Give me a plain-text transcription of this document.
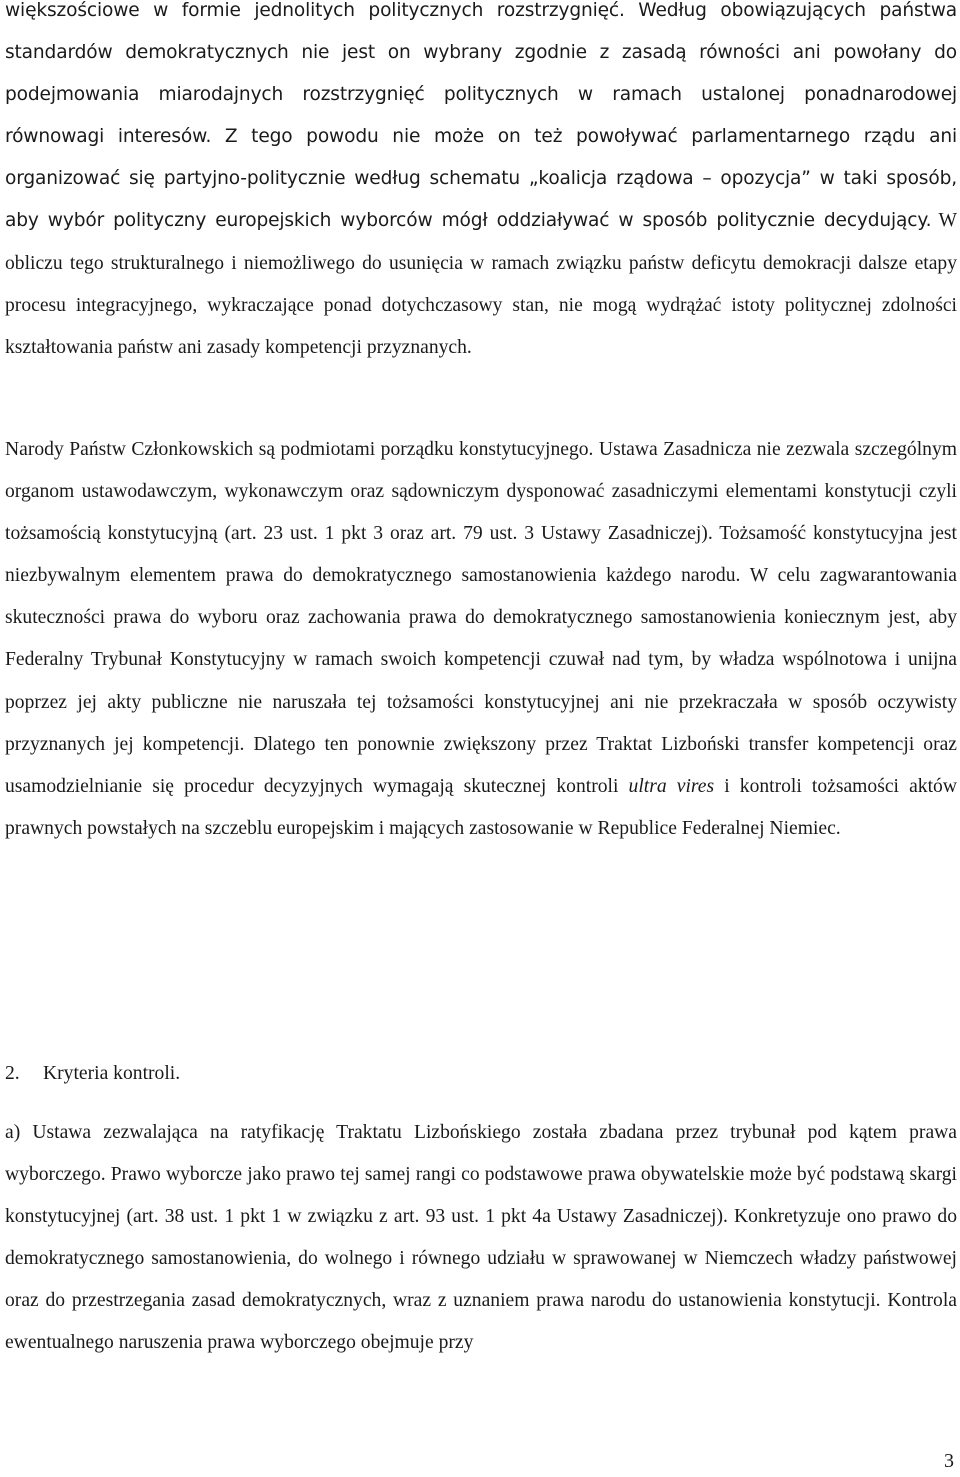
większościowe w formie jednolitych politycznych rozstrzygnięć. Według obowiązujących państwa standardów demokratycznych nie jest on wybrany zgodnie z zasadą równości ani powołany do podejmowania miarodajnych rozstrzygnięć politycznych w ramach ustalonej ponadnarodowej równowagi interesów. Z tego powodu nie może on też powoływać parlamentarnego rządu ani organizować się partyjno-politycznie według schematu „koalicja rządowa – opozycja” w taki sposób, aby wybór polityczny europejskich wyborców mógł oddziaływać w sposób politycznie decydujący. W obliczu tego strukturalnego i niemożliwego do usunięcia w ramach związku państw deficytu demokracji dalsze etapy procesu integracyjnego, wykraczające ponad dotychczasowy stan, nie mogą wydrążać istoty politycznej zdolności kształtowania państw ani zasady kompetencji przyznanych.

Narody Państw Członkowskich są podmiotami porządku konstytucyjnego. Ustawa Zasadnicza nie zezwala szczególnym organom ustawodawczym, wykonawczym oraz sądowniczym dysponować zasadniczymi elementami konstytucji czyli tożsamością konstytucyjną (art. 23 ust. 1 pkt 3 oraz art. 79 ust. 3 Ustawy Zasadniczej). Tożsamość konstytucyjna jest niezbywalnym elementem prawa do demokratycznego samostanowienia każdego narodu. W celu zagwarantowania skuteczności prawa do wyboru oraz zachowania prawa do demokratycznego samostanowienia koniecznym jest, aby Federalny Trybunał Konstytucyjny w ramach swoich kompetencji czuwał nad tym, by władza wspólnotowa i unijna poprzez jej akty publiczne nie naruszała tej tożsamości konstytucyjnej ani nie przekraczała w sposób oczywisty przyznanych jej kompetencji. Dlatego ten ponownie zwiększony przez Traktat Lizboński transfer kompetencji oraz usamodzielnianie się procedur decyzyjnych wymagają skutecznej kontroli ultra vires i kontroli tożsamości aktów prawnych powstałych na szczeblu europejskim i mających zastosowanie w Republice Federalnej Niemiec.

2. Kryteria kontroli.

a) Ustawa zezwalająca na ratyfikację Traktatu Lizbońskiego została zbadana przez trybunał pod kątem prawa wyborczego. Prawo wyborcze jako prawo tej samej rangi co podstawowe prawa obywatelskie może być podstawą skargi konstytucyjnej (art. 38 ust. 1 pkt 1 w związku z art. 93 ust. 1 pkt 4a Ustawy Zasadniczej). Konkretyzuje ono prawo do demokratycznego samostanowienia, do wolnego i równego udziału w sprawowanej w Niemczech władzy państwowej oraz do przestrzegania zasad demokratycznych, wraz z uznaniem prawa narodu do ustanowienia konstytucji. Kontrola ewentualnego naruszenia prawa wyborczego obejmuje przy

3
